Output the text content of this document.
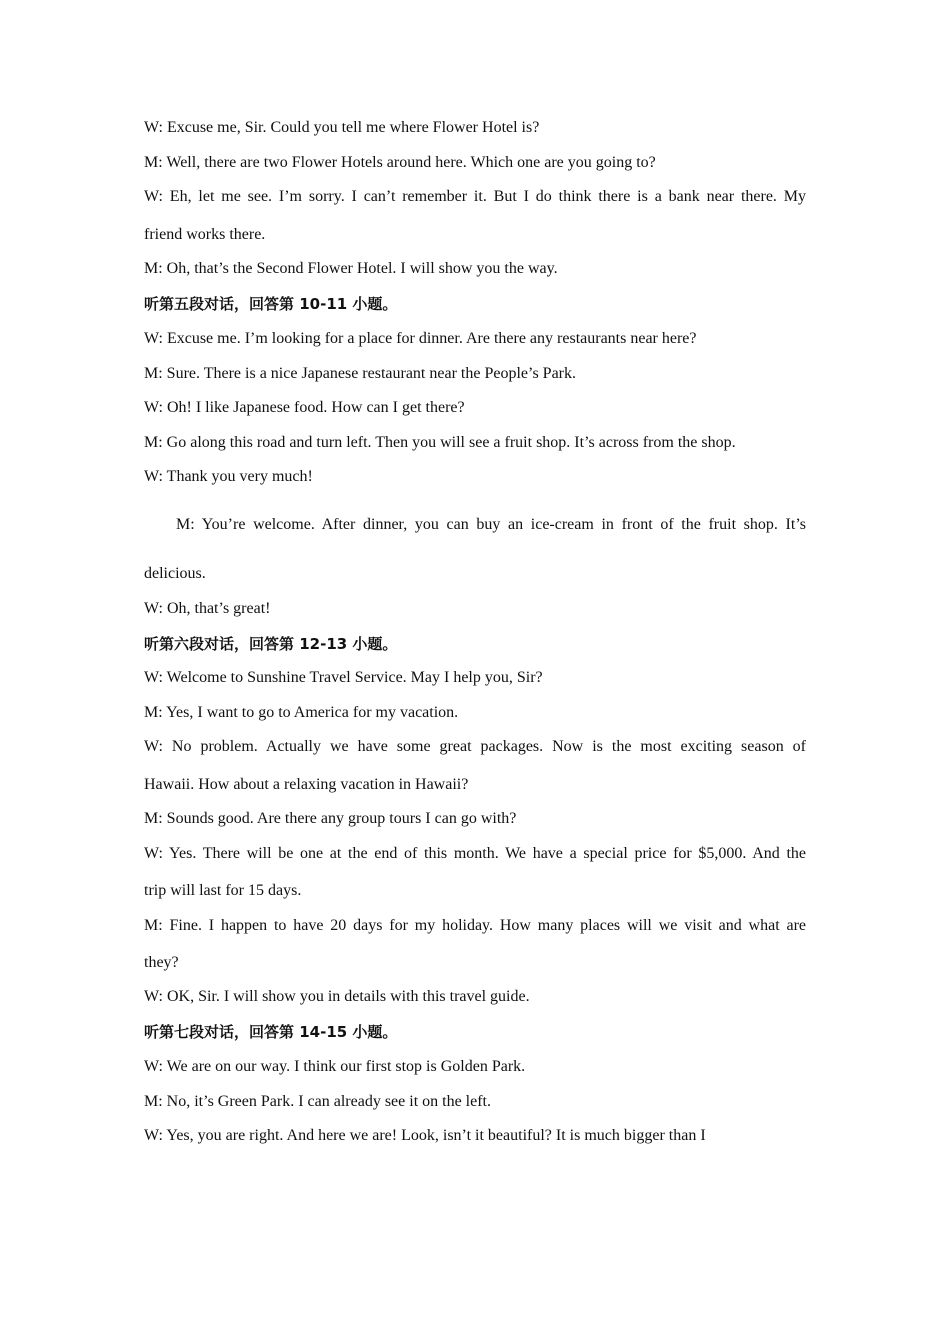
W: Excuse me, Sir. Could you tell me where Flower Hotel is?
M: Well, there are two Flower Hotels around here. Which one are you going to?
W: Eh, let me see. I’m sorry. I can’t remember it. But I do think there is a bank near there. My
friend works there.
M: Oh, that’s the Second Flower Hotel. I will show you the way.
听第五段对话，回答第 10-11 小题。
W: Excuse me. I’m looking for a place for dinner. Are there any restaurants near here?
M: Sure. There is a nice Japanese restaurant near the People’s Park.
W: Oh! I like Japanese food. How can I get there?
M: Go along this road and turn left. Then you will see a fruit shop. It’s across from the shop.
W: Thank you very much!
M: You’re welcome. After dinner, you can buy an ice-cream in front of the fruit shop. It’s
delicious.
W: Oh, that’s great!
听第六段对话，回答第 12-13 小题。
W: Welcome to Sunshine Travel Service. May I help you, Sir?
M: Yes, I want to go to America for my vacation.
W: No problem. Actually we have some great packages. Now is the most exciting season of
Hawaii. How about a relaxing vacation in Hawaii?
M: Sounds good. Are there any group tours I can go with?
W: Yes. There will be one at the end of this month. We have a special price for $5,000. And the
trip will last for 15 days.
M: Fine. I happen to have 20 days for my holiday. How many places will we visit and what are
they?
W: OK, Sir. I will show you in details with this travel guide.
听第七段对话，回答第 14-15 小题。
W: We are on our way. I think our first stop is Golden Park.
M: No, it’s Green Park. I can already see it on the left.
W: Yes, you are right. And here we are! Look, isn’t it beautiful? It is much bigger than I
